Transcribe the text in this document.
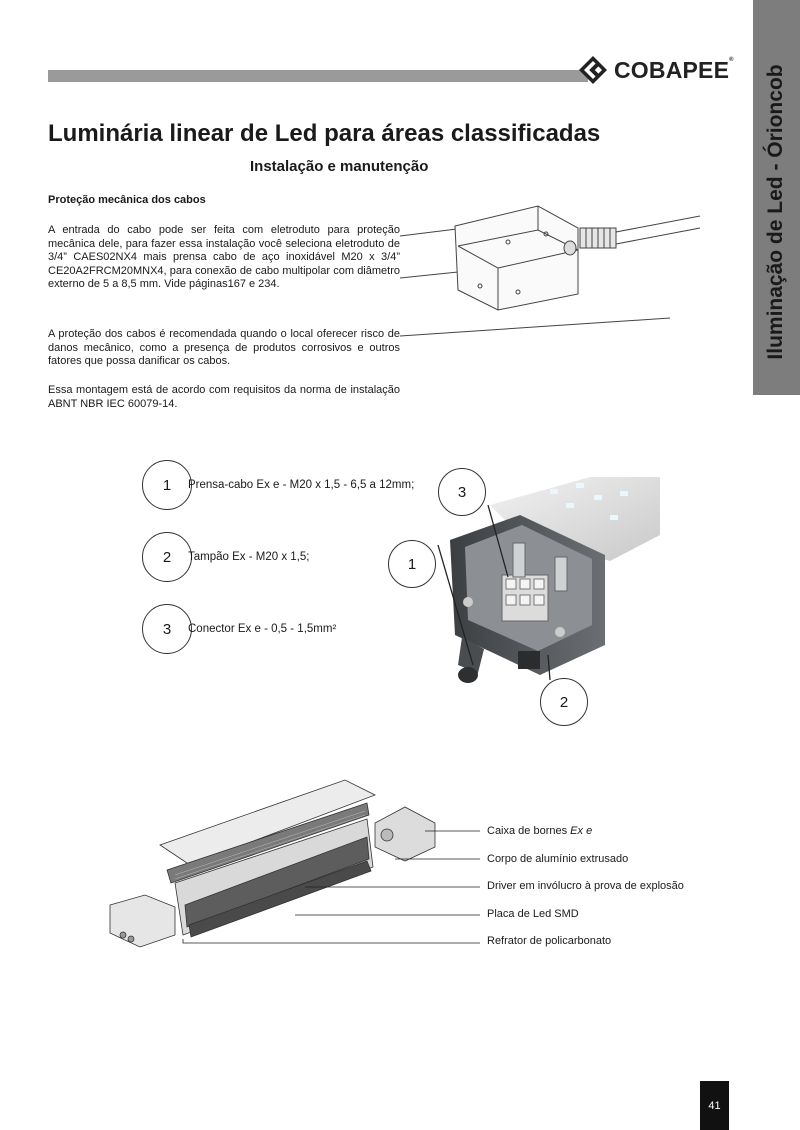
COBAPEE®
Iluminação de Led - Órioncob
Luminária linear de Led para áreas classificadas
Instalação e manutenção
Proteção mecânica dos cabos

A entrada do cabo pode ser feita com eletroduto para proteção mecânica dele, para fazer essa instalação você seleciona eletroduto de 3/4” CAES02NX4 mais prensa cabo de aço inoxidável M20 x 3/4” CE20A2FRCM20MNX4, para conexão de cabo multipolar com diâmetro externo de 5 a 8,5 mm. Vide páginas167 e 234.

A proteção dos cabos é recomendada quando o local oferecer risco de danos mecânico, como a presença de produtos corrosivos e outros fatores que possa danificar os cabos.

Essa montagem está de acordo com requisitos da norma de instalação ABNT NBR IEC 60079-14.

1	Prensa-cabo Ex e - M20 x 1,5 - 6,5 a 12mm;
2	Tampão Ex - M20 x 1,5;
3	Conector Ex e - 0,5 - 1,5mm²
3
1
2
Caixa de bornes Ex e
Corpo de alumínio extrusado
Driver em invólucro à prova de explosão
Placa de Led SMD
Refrator de policarbonato
41
